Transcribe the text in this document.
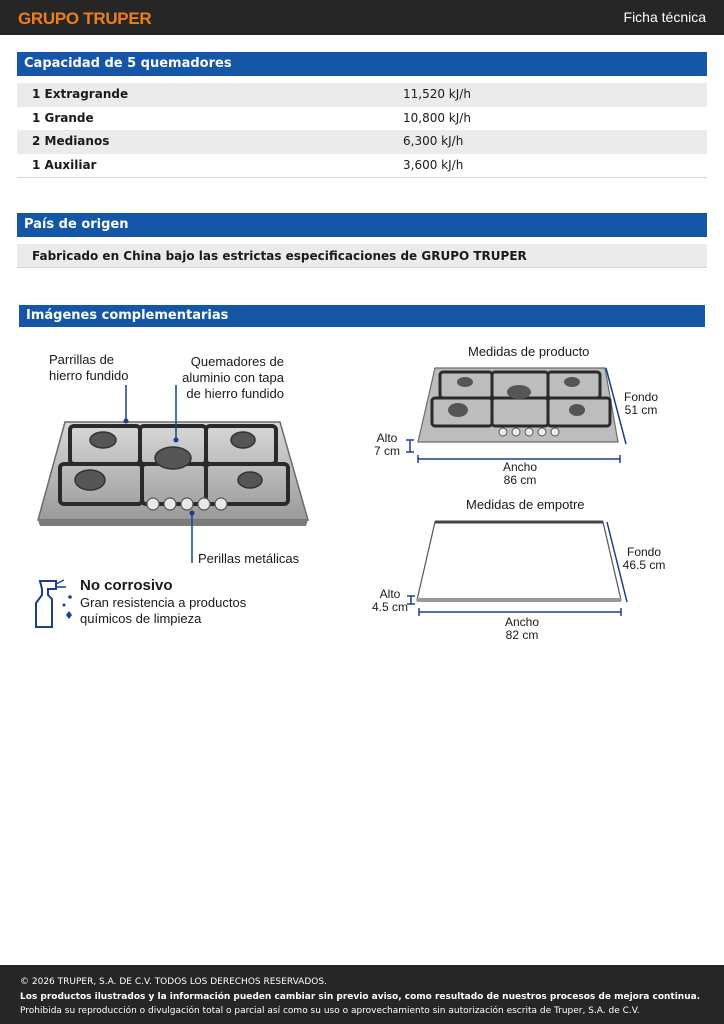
GRUPO TRUPER	Ficha técnica
Capacidad de 5 quemadores
1 Extragrande	11,520 kJ/h
1 Grande	10,800 kJ/h
2 Medianos	6,300 kJ/h
1 Auxiliar	3,600 kJ/h
País de origen
Fabricado en China bajo las estrictas especificaciones de GRUPO TRUPER
Imágenes complementarias
Parrillas de
hierro fundido
Quemadores de
aluminio con tapa
de hierro fundido
Perillas metálicas
No corrosivo
Gran resistencia a productos
químicos de limpieza
Medidas de producto
Fondo
51 cm
Alto
7 cm
Ancho
86 cm
Medidas de empotre
Fondo
46.5 cm
Alto
4.5 cm
Ancho
82 cm
© 2026 TRUPER, S.A. DE C.V. TODOS LOS DERECHOS RESERVADOS.
Los productos ilustrados y la información pueden cambiar sin previo aviso, como resultado de nuestros procesos de mejora continua.
Prohibida su reproducción o divulgación total o parcial así como su uso o aprovechamiento sin autorización escrita de Truper, S.A. de C.V.
